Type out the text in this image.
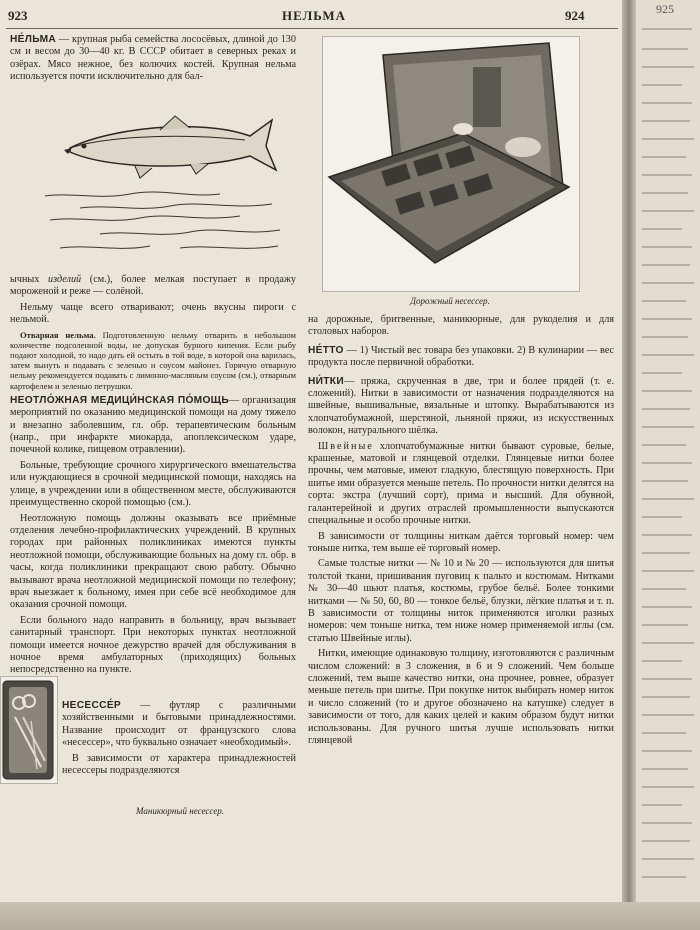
925
923	НЕЛЬМА	924

НЕ́ЛЬМА — крупная рыба семейства лососёвых, длиной до 130 см и весом до 30—40 кг. В СССР обитает в северных реках и озёрах. Мясо нежное, без колючих костей. Крупная нельма используется почти исключительно для бал-

ычных изделий (см.), более мелкая поступает в продажу мороженой и реже — солёной.

Нельму чаще всего отваривают; очень вкусны пироги с нельмой.

Отварная нельма. Подготовленную нельму отварить в небольшом количестве подсоленной воды, не допуская бурного кипения. Если рыбу подают холодной, то надо дать ей остыть в той воде, в которой она варилась, затем вынуть и подавать с зеленью и соусом майонез. Горячую отварную нельму рекомендуется подавать с лимонно-масляным соусом (см.), отварным картофелем и зеленью петрушки.

НЕОТЛО́ЖНАЯ МЕДИЦИ́НСКАЯ ПО́МОЩЬ— организация мероприятий по оказанию медицинской помощи на дому тяжело и внезапно заболевшим, гл. обр. терапевтическим больным (напр., при инфаркте миокарда, апоплексическом ударе, почечной колике, пищевом отравлении).

Больные, требующие срочного хирургического вмешательства или нуждающиеся в срочной медицинской помощи, находясь на улице, в учреждении или в общественном месте, обслуживаются преимущественно скорой помощью (см.).

Неотложную помощь должны оказывать все приёмные отделения лечебно-профилактических учреждений. В крупных городах при районных поликлиниках имеются пункты неотложной помощи, обслуживающие больных на дому гл. обр. в часы, когда поликлиники прекращают свою работу. Обычно вызывают врача неотложной медицинской помощи по телефону; врач выезжает к больному, имея при себе всё необходимое для оказания срочной помощи.

Если больного надо направить в больницу, врач вызывает санитарный транспорт. При некоторых пунктах неотложной помощи имеется ночное дежурство врачей для обслуживания в ночное время амбулаторных (приходящих) больных непосредственно на пункте.

НЕСЕССЕ́Р — футляр с различными хозяйственными и бытовыми принадлежностями. Название происходит от французского слова «несессер», что буквально означает «необходимый».

В зависимости от характера принадлежностей несессеры подразделяются

Маникюрный несессер.
Дорожный несессер.

на дорожные, бритвенные, маникюрные, для рукоделия и для столовых наборов.

НЕ́ТТО — 1) Чистый вес товара без упаковки. 2) В кулинарии — вес продукта после первичной обработки.

НИ́ТКИ— пряжа, скрученная в две, три и более прядей (т. е. сложений). Нитки в зависимости от назначения подразделяются на швейные, вышивальные, вязальные и штопку. Вырабатываются из хлопчатобумажной, шерстяной, льняной пряжи, из искусственных волокон, натурального шёлка.

Швейные хлопчатобумажные нитки бывают суровые, белые, крашеные, матовой и глянцевой отделки. Глянцевые нитки более прочны, чем матовые, имеют гладкую, блестящую поверхность. При шитье ими образуется меньше петель. По прочности нитки делятся на сорта: экстра (лучший сорт), прима и высший. Для обувной, галантерейной и других отраслей промышленности выпускаются специальные и особо прочные нитки.

В зависимости от толщины ниткам даётся торговый номер: чем тоньше нитка, тем выше её торговый номер.

Самые толстые нитки — № 10 и № 20 — используются для шитья толстой ткани, пришивания пуговиц к пальто и костюмам. Нитками № 30—40 шьют платья, костюмы, грубое бельё. Более тонкими нитками — № 50, 60, 80 — тонкое бельё, блузки, лёгкие платья и т. п. В зависимости от толщины ниток применяются иголки разных номеров: чем тоньше нитка, тем ниже номер применяемой иглы (см. статью Швейные иглы).

Нитки, имеющие одинаковую толщину, изготовляются с различным числом сложений: в 3 сложения, в 6 и 9 сложений. Чем больше сложений, тем выше качество нитки, она прочнее, ровнее, образует меньше петель при шитье. При покупке ниток выбирать номер ниток и число сложений (то и другое обозначено на катушке) следует в зависимости от того, для каких целей и каким образом будут нитки использованы. Для ручного шитья лучше использовать нитки глянцевой
